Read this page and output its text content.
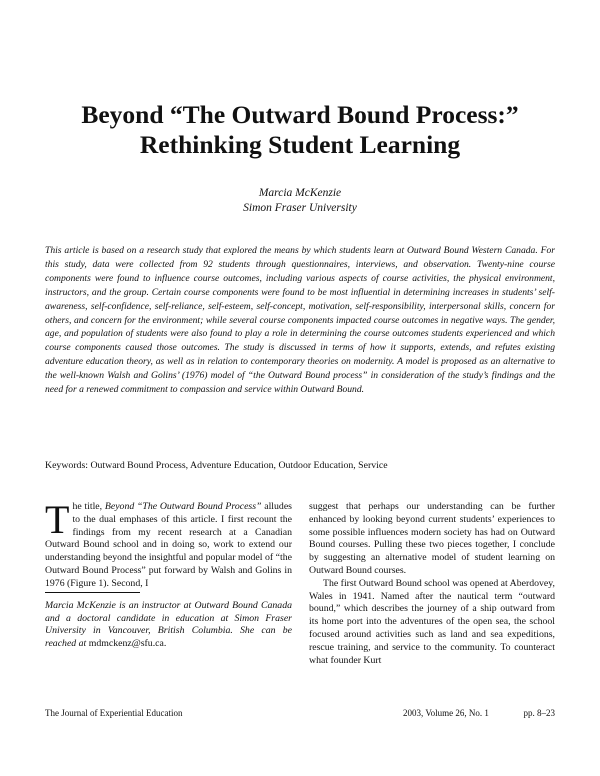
Beyond “The Outward Bound Process:”
Rethinking Student Learning
Marcia McKenzie
Simon Fraser University

This article is based on a research study that explored the means by which students learn at Outward Bound Western Canada. For this study, data were collected from 92 students through questionnaires, interviews, and observation. Twenty-nine course components were found to influence course outcomes, including various aspects of course activities, the physical environment, instructors, and the group. Certain course components were found to be most influential in determining increases in students’ self-awareness, self-confidence, self-reliance, self-esteem, self-concept, motivation, self-responsibility, interpersonal skills, concern for others, and concern for the environment; while several course components impacted course outcomes in negative ways. The gender, age, and population of students were also found to play a role in determining the course outcomes students experienced and which course components caused those outcomes. The study is discussed in terms of how it supports, extends, and refutes existing adventure education theory, as well as in relation to contemporary theories on modernity. A model is proposed as an alternative to the well-known Walsh and Golins’ (1976) model of “the Outward Bound process” in consideration of the study’s findings and the need for a renewed commitment to compassion and service within Outward Bound.

Keywords: Outward Bound Process, Adventure Education, Outdoor Education, Service

The title, Beyond “The Outward Bound Process” alludes to the dual emphases of this article. I first recount the findings from my recent research at a Canadian Outward Bound school and in doing so, work to extend our understanding beyond the insightful and popular model of “the Outward Bound Process” put forward by Walsh and Golins in 1976 (Figure 1). Second, I

Marcia McKenzie is an instructor at Outward Bound Canada and a doctoral candidate in education at Simon Fraser University in Vancouver, British Columbia. She can be reached at mdmckenz@sfu.ca.

suggest that perhaps our understanding can be further enhanced by looking beyond current students’ experiences to some possible influences modern society has had on Outward Bound courses. Pulling these two pieces together, I conclude by suggesting an alternative model of student learning on Outward Bound courses.

The first Outward Bound school was opened at Aberdovey, Wales in 1941. Named after the nautical term “outward bound,” which describes the journey of a ship outward from its home port into the adventures of the open sea, the school focused around activities such as land and sea expeditions, rescue training, and service to the community. To counteract what founder Kurt

The Journal of Experiential Education	2003, Volume 26, No. 1	pp. 8–23
